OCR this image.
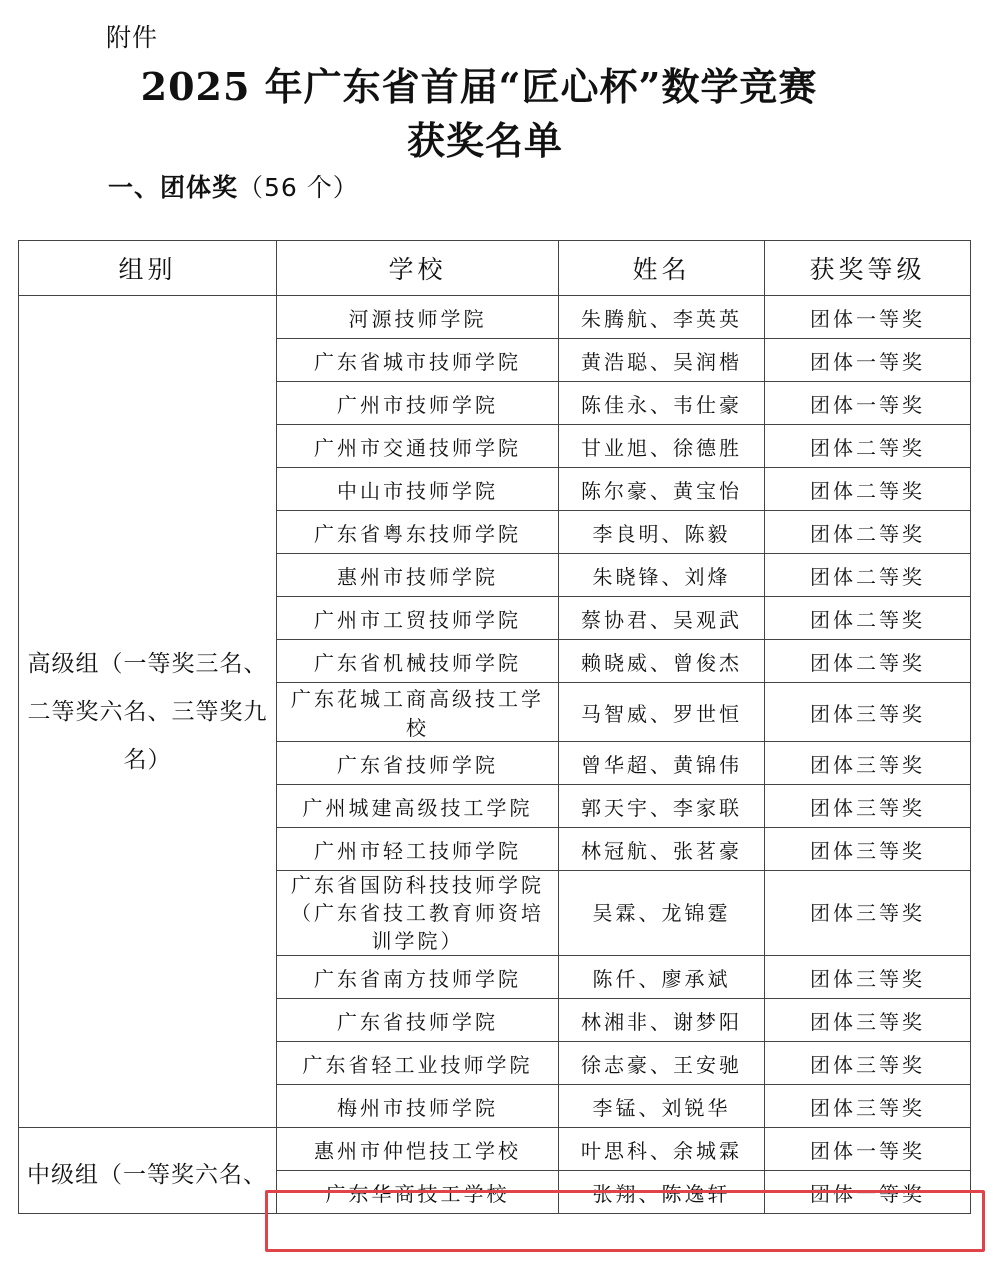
附件
2025 年广东省首届“匠心杯”数学竞赛
获奖名单
一、团体奖（56 个）
组别	学校	姓名	获奖等级
高级组（一等奖三名、二等奖六名、三等奖九名）	河源技师学院	朱腾航、李英英	团体一等奖
	广东省城市技师学院	黄浩聪、吴润楷	团体一等奖
	广州市技师学院	陈佳永、韦仕豪	团体一等奖
	广州市交通技师学院	甘业旭、徐德胜	团体二等奖
	中山市技师学院	陈尔豪、黄宝怡	团体二等奖
	广东省粤东技师学院	李良明、陈毅	团体二等奖
	惠州市技师学院	朱晓锋、刘烽	团体二等奖
	广州市工贸技师学院	蔡协君、吴观武	团体二等奖
	广东省机械技师学院	赖晓威、曾俊杰	团体二等奖
	广东花城工商高级技工学校	马智威、罗世恒	团体三等奖
	广东省技师学院	曾华超、黄锦伟	团体三等奖
	广州城建高级技工学院	郭天宇、李家联	团体三等奖
	广州市轻工技师学院	林冠航、张茗豪	团体三等奖
	广东省国防科技技师学院（广东省技工教育师资培训学院）	吴霖、龙锦霆	团体三等奖
	广东省南方技师学院	陈仟、廖承斌	团体三等奖
	广东省技师学院	林湘非、谢梦阳	团体三等奖
	广东省轻工业技师学院	徐志豪、王安驰	团体三等奖
	梅州市技师学院	李锰、刘锐华	团体三等奖
中级组（一等奖六名、	惠州市仲恺技工学校	叶思科、余城霖	团体一等奖
	广东华商技工学校	张翔、陈逸轩	团体一等奖
